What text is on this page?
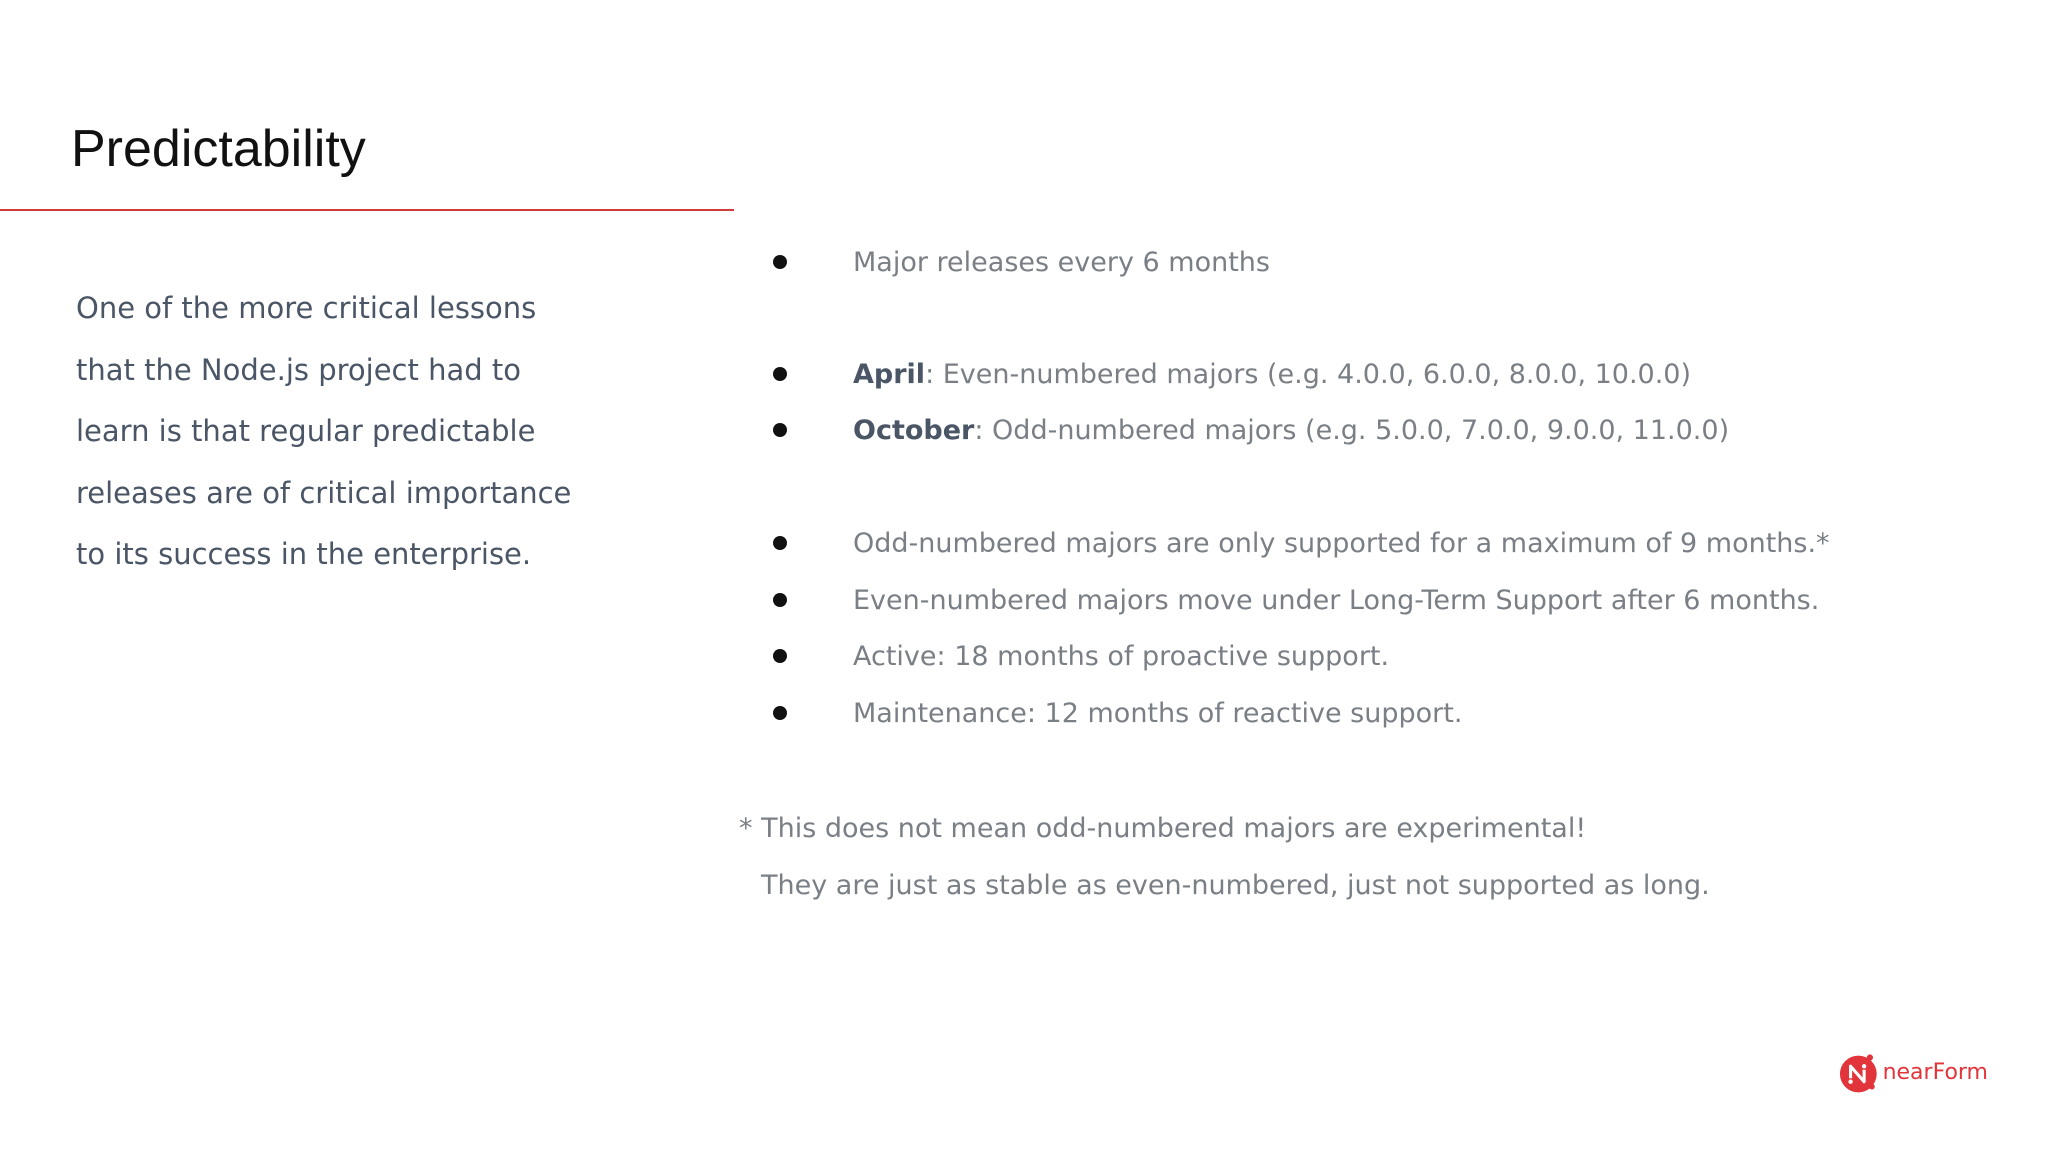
Predictability

One of the more critical lessons
that the Node.js project had to
learn is that regular predictable
releases are of critical importance
to its success in the enterprise.

Major releases every 6 months
April : Even-numbered majors (e.g. 4.0.0, 6.0.0, 8.0.0, 10.0.0)
October : Odd-numbered majors (e.g. 5.0.0, 7.0.0, 9.0.0, 11.0.0)
Odd-numbered majors are only supported for a maximum of 9 months.*
Even-numbered majors move under Long-Term Support after 6 months.
Active: 18 months of proactive support.
Maintenance: 12 months of reactive support.
* This does not mean odd-numbered majors are experimental!
They are just as stable as even-numbered, just not supported as long.
nearForm
